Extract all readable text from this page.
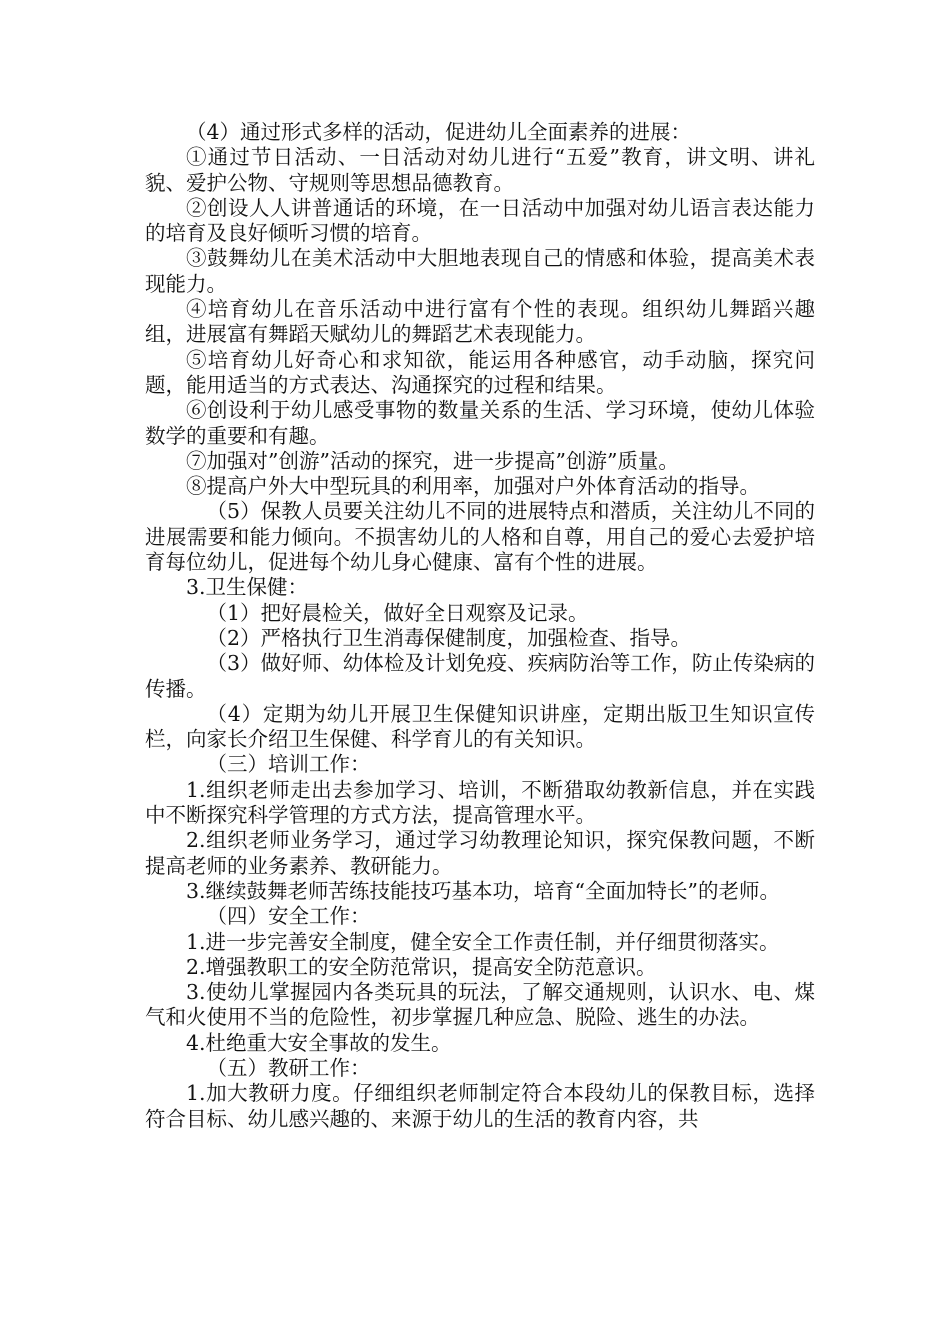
（4）通过形式多样的活动，促进幼儿全面素养的进展：

①通过节日活动、一日活动对幼儿进行“五爱”教育，讲文明、讲礼貌、爱护公物、守规则等思想品德教育。

②创设人人讲普通话的环境，在一日活动中加强对幼儿语言表达能力的培育及良好倾听习惯的培育。

③鼓舞幼儿在美术活动中大胆地表现自己的情感和体验，提高美术表现能力。

④培育幼儿在音乐活动中进行富有个性的表现。组织幼儿舞蹈兴趣组，进展富有舞蹈天赋幼儿的舞蹈艺术表现能力。

⑤培育幼儿好奇心和求知欲，能运用各种感官，动手动脑，探究问题，能用适当的方式表达、沟通探究的过程和结果。

⑥创设利于幼儿感受事物的数量关系的生活、学习环境，使幼儿体验数学的重要和有趣。

⑦加强对”创游”活动的探究，进一步提高”创游”质量。

⑧提高户外大中型玩具的利用率，加强对户外体育活动的指导。

（5）保教人员要关注幼儿不同的进展特点和潜质，关注幼儿不同的进展需要和能力倾向。不损害幼儿的人格和自尊，用自己的爱心去爱护培育每位幼儿，促进每个幼儿身心健康、富有个性的进展。

3.卫生保健：

（1）把好晨检关，做好全日观察及记录。

（2）严格执行卫生消毒保健制度，加强检查、指导。

（3）做好师、幼体检及计划免疫、疾病防治等工作，防止传染病的传播。

（4）定期为幼儿开展卫生保健知识讲座，定期出版卫生知识宣传栏，向家长介绍卫生保健、科学育儿的有关知识。

（三）培训工作：

1.组织老师走出去参加学习、培训，不断猎取幼教新信息，并在实践中不断探究科学管理的方式方法，提高管理水平。

2.组织老师业务学习，通过学习幼教理论知识，探究保教问题，不断提高老师的业务素养、教研能力。

3.继续鼓舞老师苦练技能技巧基本功，培育“全面加特长”的老师。

（四）安全工作：

1.进一步完善安全制度，健全安全工作责任制，并仔细贯彻落实。

2.增强教职工的安全防范常识，提高安全防范意识。

3.使幼儿掌握园内各类玩具的玩法，了解交通规则，认识水、电、煤气和火使用不当的危险性，初步掌握几种应急、脱险、逃生的办法。

4.杜绝重大安全事故的发生。

（五）教研工作：

1.加大教研力度。仔细组织老师制定符合本段幼儿的保教目标，选择符合目标、幼儿感兴趣的、来源于幼儿的生活的教育内容，共
